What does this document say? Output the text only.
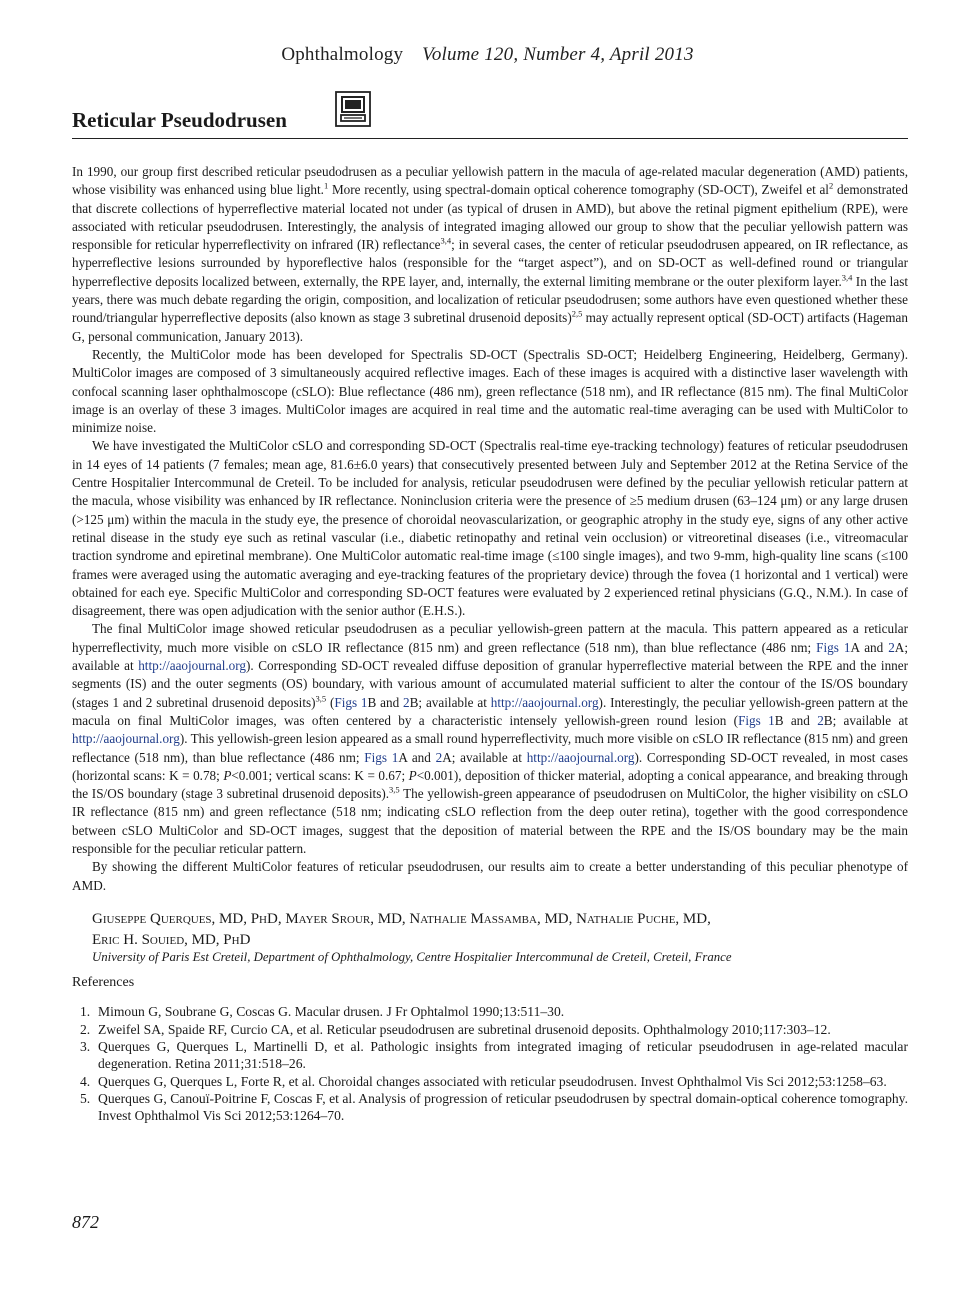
Ophthalmology Volume 120, Number 4, April 2013
Reticular Pseudodrusen

In 1990, our group first described reticular pseudodrusen as a peculiar yellowish pattern in the macula of age-related macular degeneration (AMD) patients, whose visibility was enhanced using blue light.$^1$ More recently, using spectral-domain optical coherence tomography (SD-OCT), Zweifel et $al^2$ demonstrated that discrete collections of hyperreflective material located not under (as typical of drusen in AMD), but above the retinal pigment epithelium (RPE), were associated with reticular pseudodrusen. Interestingly, the analysis of integrated imaging allowed our group to show that the peculiar yellowish pattern was responsible for reticular hyperreflectivity on infrared (IR) reflectance$^{3,4}$; in several cases, the center of reticular pseudodrusen appeared, on IR reflectance, as hyperreflective lesions surrounded by hyporeflective halos (responsible for the “target aspect”), and on SD-OCT as well-defined round or triangular hyperreflective deposits localized between, externally, the RPE layer, and, internally, the external limiting membrane or the outer plexiform layer.$^{3,4}$ In the last years, there was much debate regarding the origin, composition, and localization of reticular pseudodrusen; some authors have even questioned whether these round/triangular hyperreflective deposits (also known as stage 3 subretinal drusenoid deposits)$^{2,5}$ may actually represent optical (SD-OCT) artifacts (Hageman G, personal communication, January 2013).

Recently, the MultiColor mode has been developed for Spectralis SD-OCT (Spectralis SD-OCT; Heidelberg Engineering, Heidelberg, Germany). MultiColor images are composed of 3 simultaneously acquired reflective images. Each of these images is acquired with a distinctive laser wavelength with confocal scanning laser ophthalmoscope (cSLO): Blue reflectance (486 nm), green reflectance (518 nm), and IR reflectance (815 nm). The final MultiColor image is an overlay of these 3 images. MultiColor images are acquired in real time and the automatic real-time averaging can be used with MultiColor to minimize noise.

We have investigated the MultiColor cSLO and corresponding SD-OCT (Spectralis real-time eye-tracking technology) features of reticular pseudodrusen in 14 eyes of 14 patients (7 females; mean age, 81.6±6.0 years) that consecutively presented between July and September 2012 at the Retina Service of the Centre Hospitalier Intercommunal de Creteil. To be included for analysis, reticular pseudodrusen were defined by the peculiar yellowish reticular pattern at the macula, whose visibility was enhanced by IR reflectance. Noninclusion criteria were the presence of ≥5 medium drusen (63–124 μm) or any large drusen (>125 μm) within the macula in the study eye, the presence of choroidal neovascularization, or geographic atrophy in the study eye, signs of any other active retinal disease in the study eye such as retinal vascular (i.e., diabetic retinopathy and retinal vein occlusion) or vitreoretinal diseases (i.e., vitreomacular traction syndrome and epiretinal membrane). One MultiColor automatic real-time image (≤100 single images), and two 9-mm, high-quality line scans (≤100 frames were averaged using the automatic averaging and eye-tracking features of the proprietary device) through the fovea (1 horizontal and 1 vertical) were obtained for each eye. Specific MultiColor and corresponding SD-OCT features were evaluated by 2 experienced retinal physicians (G.Q., N.M.). In case of disagreement, there was open adjudication with the senior author (E.H.S.).

The final MultiColor image showed reticular pseudodrusen as a peculiar yellowish-green pattern at the macula. This pattern appeared as a reticular hyperreflectivity, much more visible on cSLO IR reflectance (815 nm) and green reflectance (518 nm), than blue reflectance (486 nm; Figs 1A and 2A; available at http://aaojournal.org). Corresponding SD-OCT revealed diffuse deposition of granular hyperreflective material between the RPE and the inner segments (IS) and the outer segments (OS) boundary, with various amount of accumulated material sufficient to alter the contour of the IS/OS boundary (stages 1 and 2 subretinal drusenoid deposits)$^{3,5}$ (Figs 1B and 2B; available at http://aaojournal.org). Interestingly, the peculiar yellowish-green pattern at the macula on final MultiColor images, was often centered by a characteristic intensely yellowish-green round lesion (Figs 1B and 2B; available at http://aaojournal.org). This yellowish-green lesion appeared as a small round hyperreflectivity, much more visible on cSLO IR reflectance (815 nm) and green reflectance (518 nm), than blue reflectance (486 nm; Figs 1A and 2A; available at http://aaojournal.org). Corresponding SD-OCT revealed, in most cases (horizontal scans: K = 0.78; P<0.001; vertical scans: K = 0.67; P<0.001), deposition of thicker material, adopting a conical appearance, and breaking through the IS/OS boundary (stage 3 subretinal drusenoid deposits).$^{3,5}$ The yellowish-green appearance of pseudodrusen on MultiColor, the higher visibility on cSLO IR reflectance (815 nm) and green reflectance (518 nm; indicating cSLO reflection from the deep outer retina), together with the good correspondence between cSLO MultiColor and SD-OCT images, suggest that the deposition of material between the RPE and the IS/OS boundary may be the main responsible for the peculiar reticular pattern.

By showing the different MultiColor features of reticular pseudodrusen, our results aim to create a better understanding of this peculiar phenotype of AMD.

Giuseppe Querques, MD, PhD, Mayer Srour, MD, Nathalie Massamba, MD, Nathalie Puche, MD,
Eric H. Souied, MD, PhD
University of Paris Est Creteil, Department of Ophthalmology, Centre Hospitalier Intercommunal de Creteil, Creteil, France
References
1. Mimoun G, Soubrane G, Coscas G. Macular drusen. J Fr Ophtalmol 1990;13:511–30.
2. Zweifel SA, Spaide RF, Curcio CA, et al. Reticular pseudodrusen are subretinal drusenoid deposits. Ophthalmology 2010;117:303–12.
3. Querques G, Querques L, Martinelli D, et al. Pathologic insights from integrated imaging of reticular pseudodrusen in age-related macular degeneration. Retina 2011;31:518–26.
4. Querques G, Querques L, Forte R, et al. Choroidal changes associated with reticular pseudodrusen. Invest Ophthalmol Vis Sci 2012;53:1258–63.
5. Querques G, Canouï-Poitrine F, Coscas F, et al. Analysis of progression of reticular pseudodrusen by spectral domain-optical coherence tomography. Invest Ophthalmol Vis Sci 2012;53:1264–70.
872
